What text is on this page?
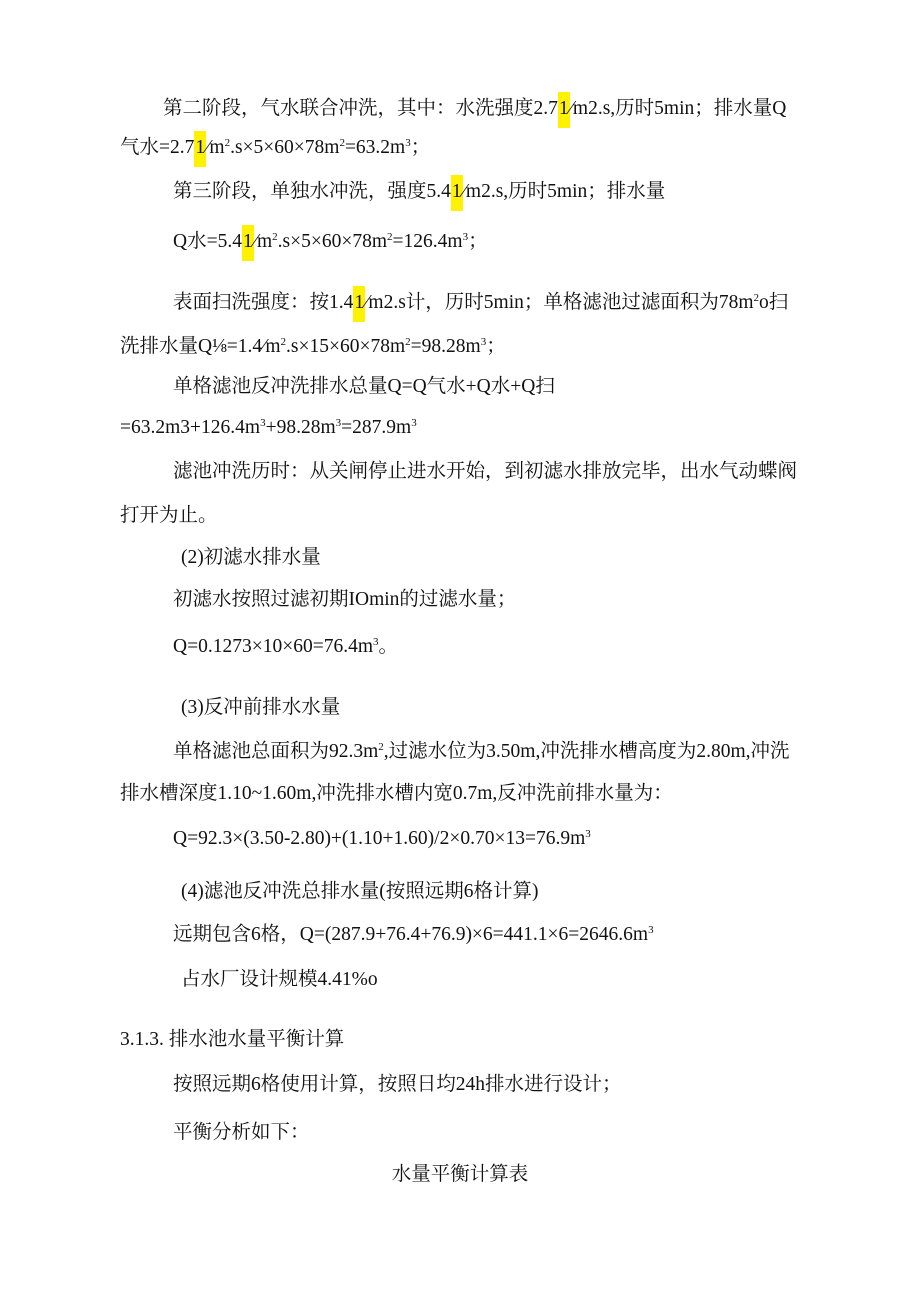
第二阶段，气水联合冲洗，其中：水洗强度2.71⁄m2.s,历时5min；排水量Q
气水$=2.71⁄m^2.s\times 5\times 60\times 78m^2=63.2m^3$；
第三阶段，单独水冲洗，强度5.41⁄m2.s,历时5min；排水量
Q水$=5.41⁄m^2.s\times 5\times 60\times 78m^2=126.4m^3$；
表面扫洗强度：按1.41⁄m2.s计，历时5min；单格滤池过滤面积为$78m^2o$扫
洗排水量$Q\frac{1}{8}=1.4⁄m^2.s\times 15\times 60\times 78m^2=98.28m^3$；
单格滤池反冲洗排水总量Q=Q气水+Q水+Q扫
$=63.2m3+126.4m^3+98.28m^3=287.9m^3$
滤池冲洗历时：从关闸停止进水开始，到初滤水排放完毕，出水气动蝶阀
打开为止。
(2)初滤水排水量
初滤水按照过滤初期IOmin的过滤水量；
$Q=0.1273\times 10\times 60=76.4m^3$。
(3)反冲前排水水量
单格滤池总面积为$92.3m^2$,过滤水位为3.50m,冲洗排水槽高度为2.80m,冲洗
排水槽深度1.10~1.60m,冲洗排水槽内宽0.7m,反冲洗前排水量为：
$Q=92.3\times(3.50-2.80)+(1.10+1.60)/2\times 0.70\times 13=76.9m^3$
(4)滤池反冲洗总排水量(按照远期6格计算)
远期包含6格，$Q=(287.9+76.4+76.9)\times 6=441.1\times 6=2646.6m^3$
占水厂设计规模4.41%o
3.1.3. 排水池水量平衡计算
按照远期6格使用计算，按照日均24h排水进行设计；
平衡分析如下：
水量平衡计算表
